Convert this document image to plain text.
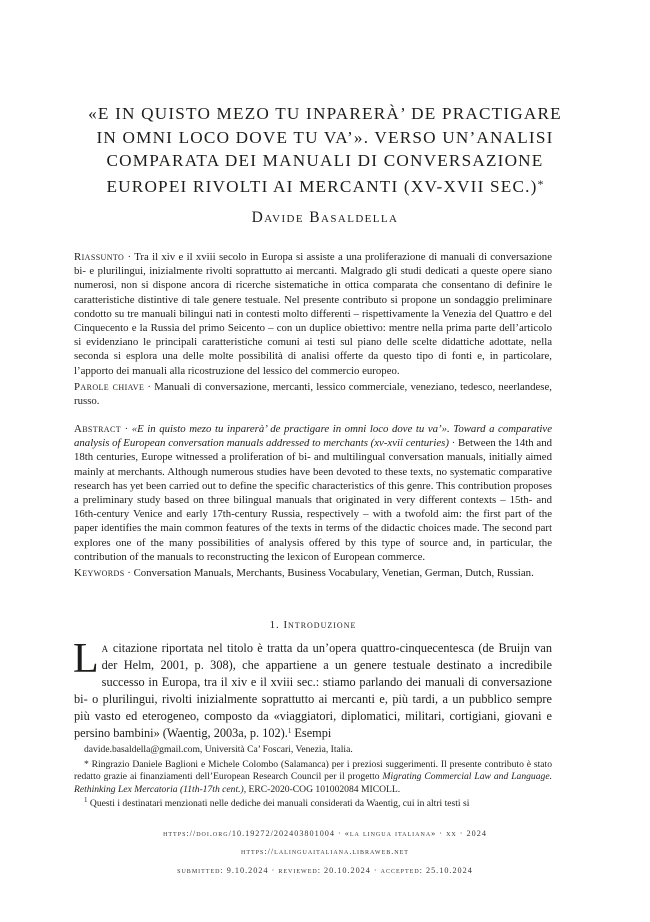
«E IN QUISTO MEZO TU INPARERÀ’ DE PRACTIGARE
IN OMNI LOCO DOVE TU VA’». VERSO UN’ANALISI
COMPARATA DEI MANUALI DI CONVERSAZIONE
EUROPEI RIVOLTI AI MERCANTI (XV-XVII SEC.)*
Davide Basaldella
Riassunto · Tra il xiv e il xviii secolo in Europa si assiste a una proliferazione di manuali di conversazione bi- e plurilingui, inizialmente rivolti soprattutto ai mercanti. Malgrado gli studi dedicati a queste opere siano numerosi, non si dispone ancora di ricerche sistematiche in ottica comparata che consentano di definire le caratteristiche distintive di tale genere testuale. Nel presente contributo si propone un sondaggio preliminare condotto su tre manuali bilingui nati in contesti molto differenti – rispettivamente la Venezia del Quattro e del Cinquecento e la Russia del primo Seicento – con un duplice obiettivo: mentre nella prima parte dell’articolo si evidenziano le principali caratteristiche comuni ai testi sul piano delle scelte didattiche adottate, nella seconda si esplora una delle molte possibilità di analisi offerte da questo tipo di fonti e, in particolare, l’apporto dei manuali alla ricostruzione del lessico del commercio europeo.
Parole chiave · Manuali di conversazione, mercanti, lessico commerciale, veneziano, tedesco, neerlandese, russo.
Abstract · «E in quisto mezo tu inparerà’ de practigare in omni loco dove tu va’». Toward a comparative analysis of European conversation manuals addressed to merchants (xv-xvii centuries) · Between the 14th and 18th centuries, Europe witnessed a proliferation of bi- and multilingual conversation manuals, initially aimed mainly at merchants. Although numerous studies have been devoted to these texts, no systematic comparative research has yet been carried out to define the specific characteristics of this genre. This contribution proposes a preliminary study based on three bilingual manuals that originated in very different contexts – 15th- and 16th-century Venice and early 17th-century Russia, respectively – with a twofold aim: the first part of the paper identifies the main common features of the texts in terms of the didactic choices made. The second part explores one of the many possibilities of analysis offered by this type of source and, in particular, the contribution of the manuals to reconstructing the lexicon of European commerce.
Keywords · Conversation Manuals, Merchants, Business Vocabulary, Venetian, German, Dutch, Russian.
1. Introduzione
La citazione riportata nel titolo è tratta da un’opera quattro-cinquecentesca (de Bruijn van der Helm, 2001, p. 308), che appartiene a un genere testuale destinato a incredibile successo in Europa, tra il xiv e il xviii sec.: stiamo parlando dei manuali di conversazione bi- o plurilingui, rivolti inizialmente soprattutto ai mercanti e, più tardi, a un pubblico sempre più vasto ed eterogeneo, composto da «viaggiatori, diplomatici, militari, cortigiani, giovani e persino bambini» (Waentig, 2003a, p. 102).$^1$ Esempi

davide.basaldella@gmail.com, Università Ca’ Foscari, Venezia, Italia.

* Ringrazio Daniele Baglioni e Michele Colombo (Salamanca) per i preziosi suggerimenti. Il presente contributo è stato redatto grazie ai finanziamenti dell’European Research Council per il progetto Migrating Commercial Law and Language. Rethinking Lex Mercatoria (11th-17th cent.), ERC-2020-COG 101002084 MICOLL.

$^1$ Questi i destinatari menzionati nelle dediche dei manuali considerati da Waentig, cui in altri testi si

https://doi.org/10.19272/202403801004 · «la lingua italiana» · xx · 2024
https://lalinguaitaliana.libraweb.net
submitted: 9.10.2024 · reviewed: 20.10.2024 · accepted: 25.10.2024
